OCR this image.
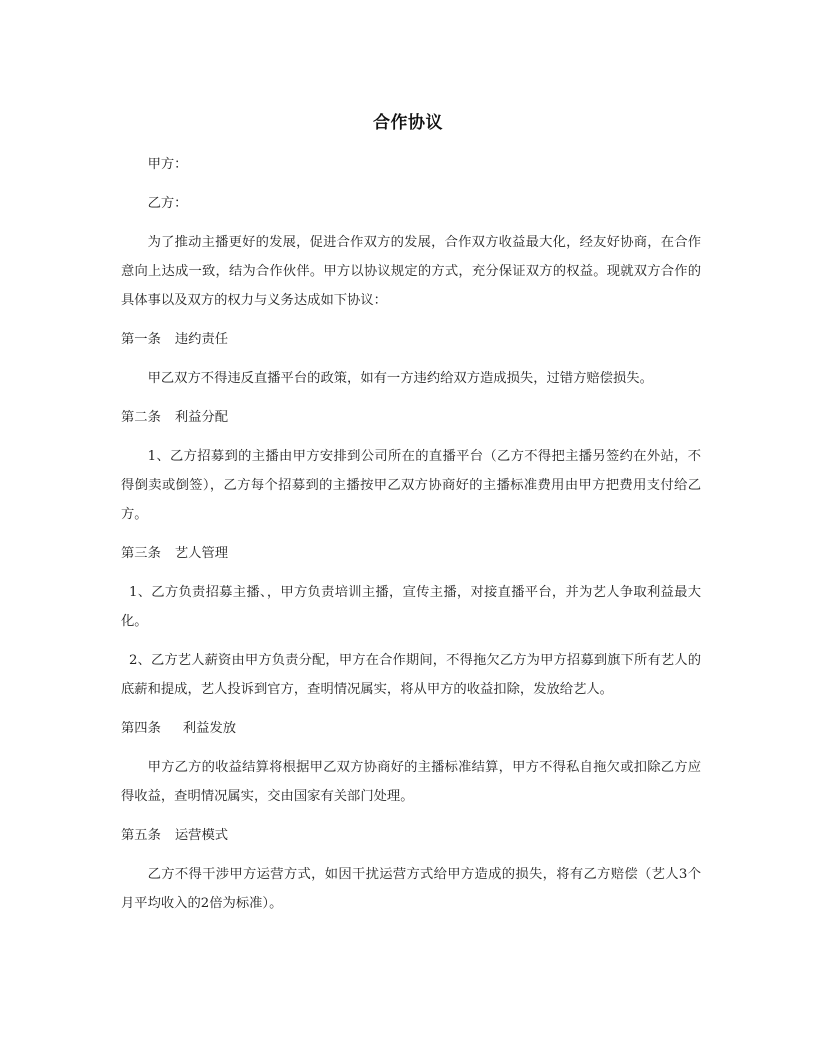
合作协议

甲方：

乙方：

为了推动主播更好的发展，促进合作双方的发展，合作双方收益最大化，经友好协商，在合作意向上达成一致，结为合作伙伴。甲方以协议规定的方式，充分保证双方的权益。现就双方合作的具体事以及双方的权力与义务达成如下协议：

第一条 违约责任

甲乙双方不得违反直播平台的政策，如有一方违约给双方造成损失，过错方赔偿损失。

第二条 利益分配

1、乙方招募到的主播由甲方安排到公司所在的直播平台（乙方不得把主播另签约在外站，不得倒卖或倒签），乙方每个招募到的主播按甲乙双方协商好的主播标准费用由甲方把费用支付给乙方。

第三条 艺人管理

1、乙方负责招募主播、，甲方负责培训主播，宣传主播，对接直播平台，并为艺人争取利益最大化。

2、乙方艺人薪资由甲方负责分配，甲方在合作期间，不得拖欠乙方为甲方招募到旗下所有艺人的底薪和提成，艺人投诉到官方，查明情况属实，将从甲方的收益扣除，发放给艺人。

第四条 利益发放

甲方乙方的收益结算将根据甲乙双方协商好的主播标准结算，甲方不得私自拖欠或扣除乙方应得收益，查明情况属实，交由国家有关部门处理。

第五条 运营模式

乙方不得干涉甲方运营方式，如因干扰运营方式给甲方造成的损失，将有乙方赔偿（艺人3个月平均收入的2倍为标准）。
